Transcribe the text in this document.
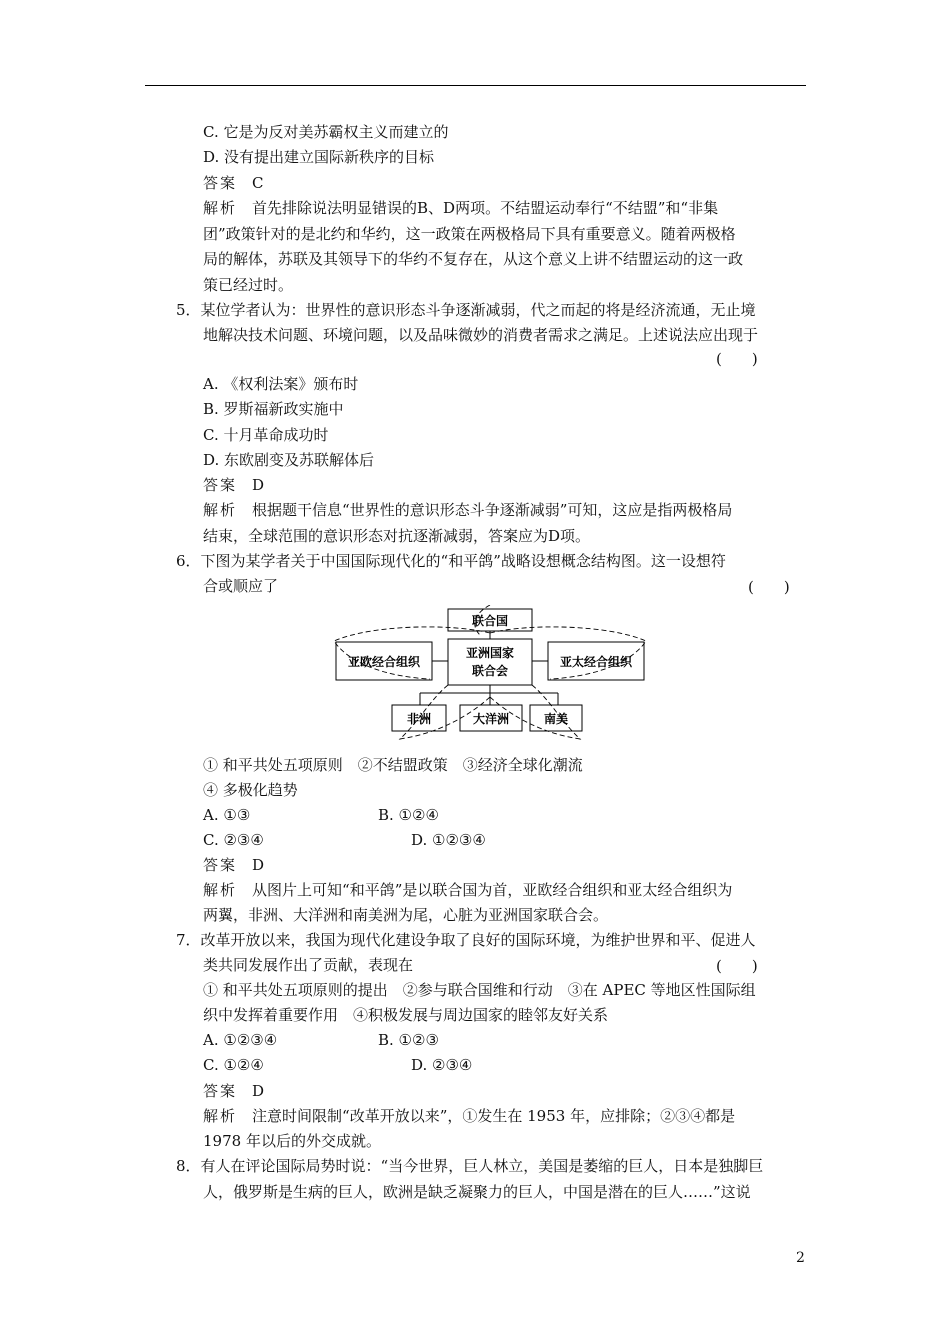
C. 它是为反对美苏霸权主义而建立的
D. 没有提出建立国际新秩序的目标
答案　 C
解析　 首先排除说法明显错误的B、D两项。不结盟运动奉行“不结盟”和“非集
团”政策针对的是北约和华约，这一政策在两极格局下具有重要意义。随着两极格
局的解体，苏联及其领导下的华约不复存在，从这个意义上讲不结盟运动的这一政
策已经过时。
5．某位学者认为：世界性的意识形态斗争逐渐减弱，代之而起的将是经济流通，无止境
地解决技术问题、环境问题，以及品味微妙的消费者需求之满足。上述说法应出现于
(　　)
A. 《权利法案》颁布时
B. 罗斯福新政实施中
C. 十月革命成功时
D. 东欧剧变及苏联解体后
答案　 D
解析　 根据题干信息“世界性的意识形态斗争逐渐减弱”可知，这应是指两极格局
结束，全球范围的意识形态对抗逐渐减弱，答案应为D项。
6．下图为某学者关于中国国际现代化的“和平鸽”战略设想概念结构图。这一设想符
合或顺应了	(　　)
联合国
亚洲国家
联合会
亚欧经合组织	亚太经合组织
非洲	大洋洲	南美
① 和平共处五项原则　②不结盟政策　③经济全球化潮流
④ 多极化趋势
A. ①③	B. ①②④
C. ②③④	D. ①②③④
答案　 D
解析　 从图片上可知“和平鸽”是以联合国为首，亚欧经合组织和亚太经合组织为
两翼，非洲、大洋洲和南美洲为尾，心脏为亚洲国家联合会。
7．改革开放以来，我国为现代化建设争取了良好的国际环境，为维护世界和平、促进人
类共同发展作出了贡献，表现在	(　　)
① 和平共处五项原则的提出　②参与联合国维和行动　③在 APEC 等地区性国际组
织中发挥着重要作用　④积极发展与周边国家的睦邻友好关系
A. ①②③④	B. ①②③
C. ①②④	D. ②③④
答案　 D
解析　 注意时间限制“改革开放以来”，①发生在 1953 年，应排除；②③④都是
1978 年以后的外交成就。
8．有人在评论国际局势时说：“当今世界，巨人林立，美国是萎缩的巨人，日本是独脚巨
人，俄罗斯是生病的巨人，欧洲是缺乏凝聚力的巨人，中国是潜在的巨人……”这说
2
